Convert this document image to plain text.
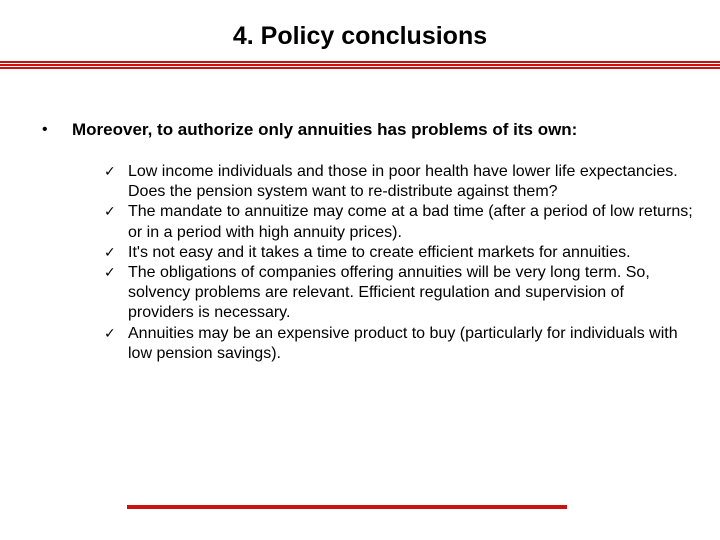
4. Policy conclusions
• Moreover, to authorize only annuities has problems of its own:
✓ Low income individuals and those in poor health have lower life expectancies. Does the pension system want to re-distribute against them?
✓ The mandate to annuitize may come at a bad time (after a period of low returns; or in a period with high annuity prices).
✓ It's not easy and it takes a time to create efficient markets for annuities.
✓ The obligations of companies offering annuities will be very long term. So, solvency problems are relevant. Efficient regulation and supervision of providers is necessary.
✓ Annuities may be an expensive product to buy (particularly for individuals with low pension savings).
